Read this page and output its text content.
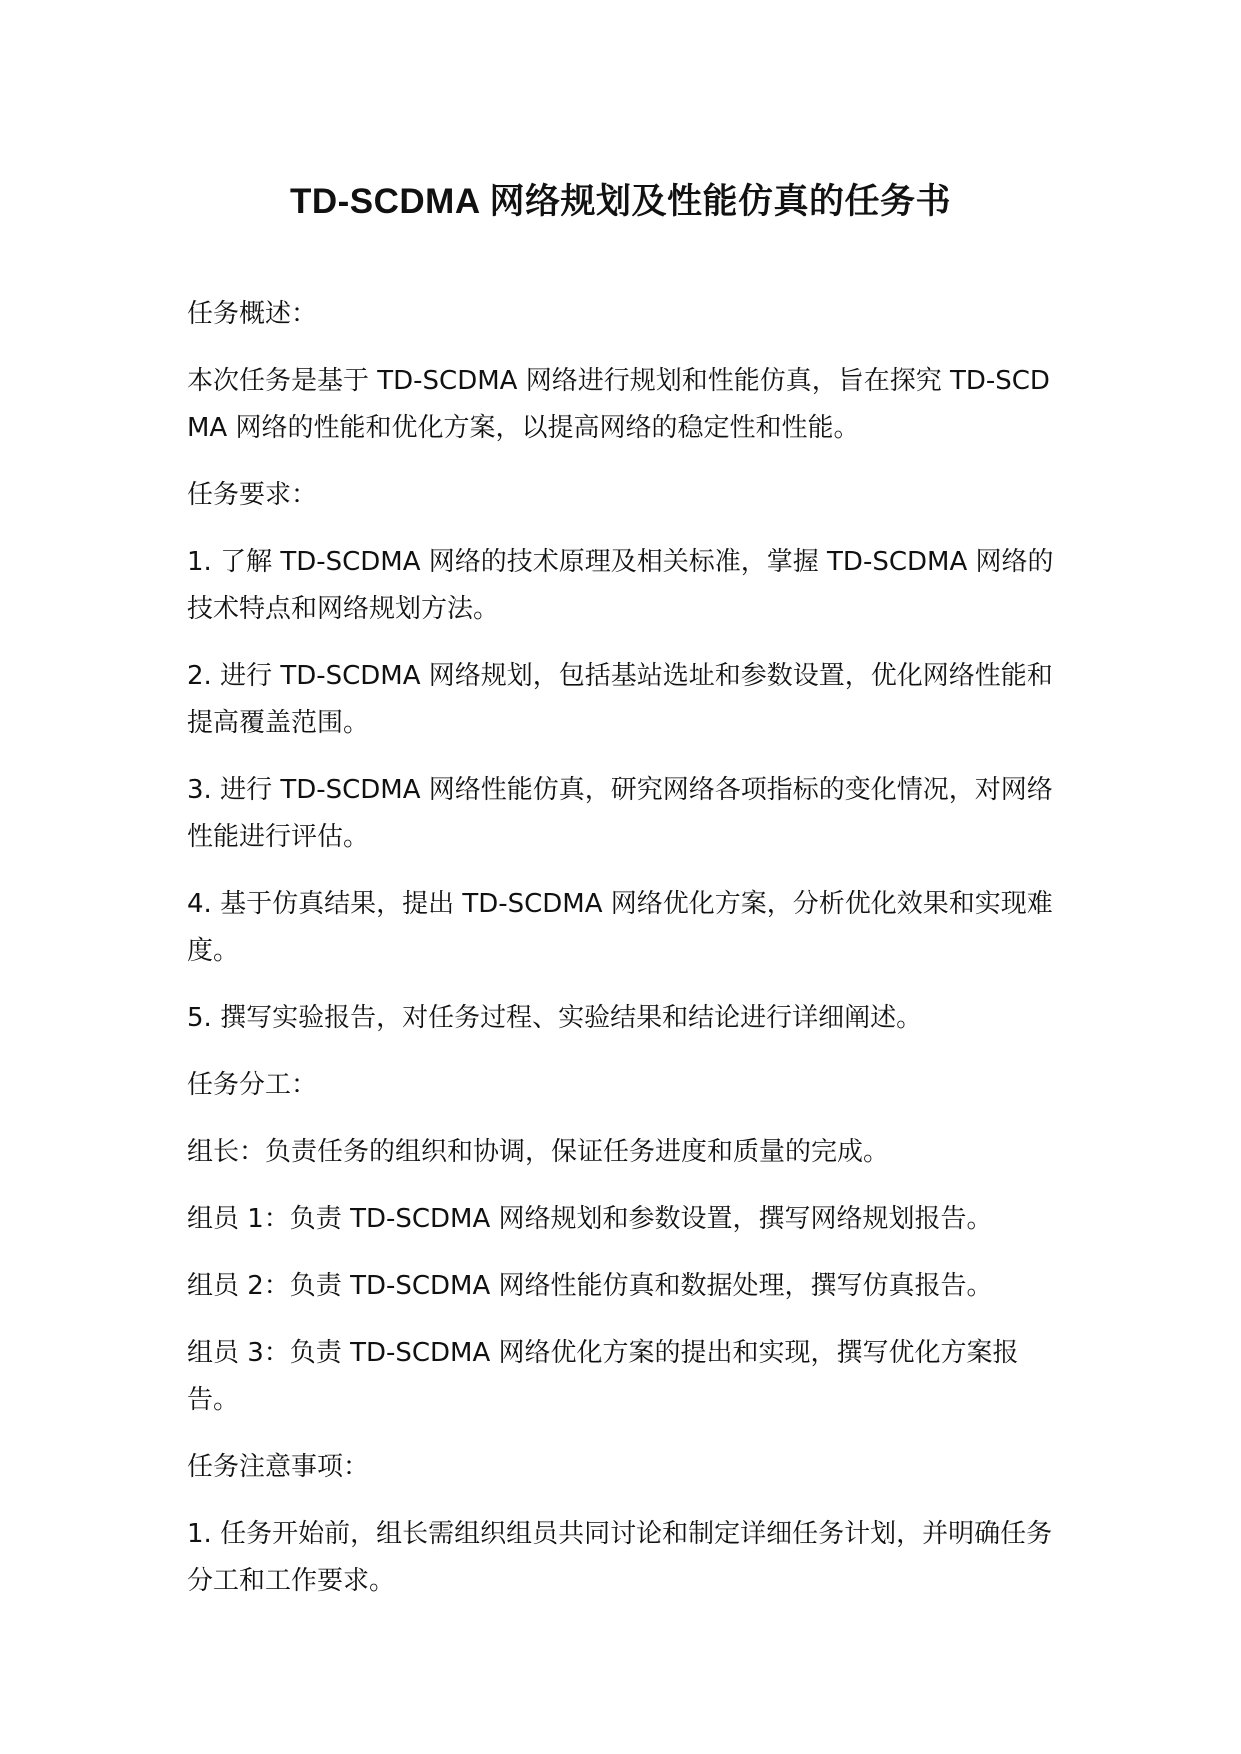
TD-SCDMA 网络规划及性能仿真的任务书

任务概述：

本次任务是基于 TD-SCDMA 网络进行规划和性能仿真，旨在探究 TD-SCDMA 网络的性能和优化方案，以提高网络的稳定性和性能。

任务要求：

1. 了解 TD-SCDMA 网络的技术原理及相关标准，掌握 TD-SCDMA 网络的技术特点和网络规划方法。

2. 进行 TD-SCDMA 网络规划，包括基站选址和参数设置，优化网络性能和提高覆盖范围。

3. 进行 TD-SCDMA 网络性能仿真，研究网络各项指标的变化情况，对网络性能进行评估。

4. 基于仿真结果，提出 TD-SCDMA 网络优化方案，分析优化效果和实现难度。

5. 撰写实验报告，对任务过程、实验结果和结论进行详细阐述。

任务分工：

组长：负责任务的组织和协调，保证任务进度和质量的完成。

组员 1：负责 TD-SCDMA 网络规划和参数设置，撰写网络规划报告。

组员 2：负责 TD-SCDMA 网络性能仿真和数据处理，撰写仿真报告。

组员 3：负责 TD-SCDMA 网络优化方案的提出和实现，撰写优化方案报告。

任务注意事项：

1. 任务开始前，组长需组织组员共同讨论和制定详细任务计划，并明确任务分工和工作要求。
